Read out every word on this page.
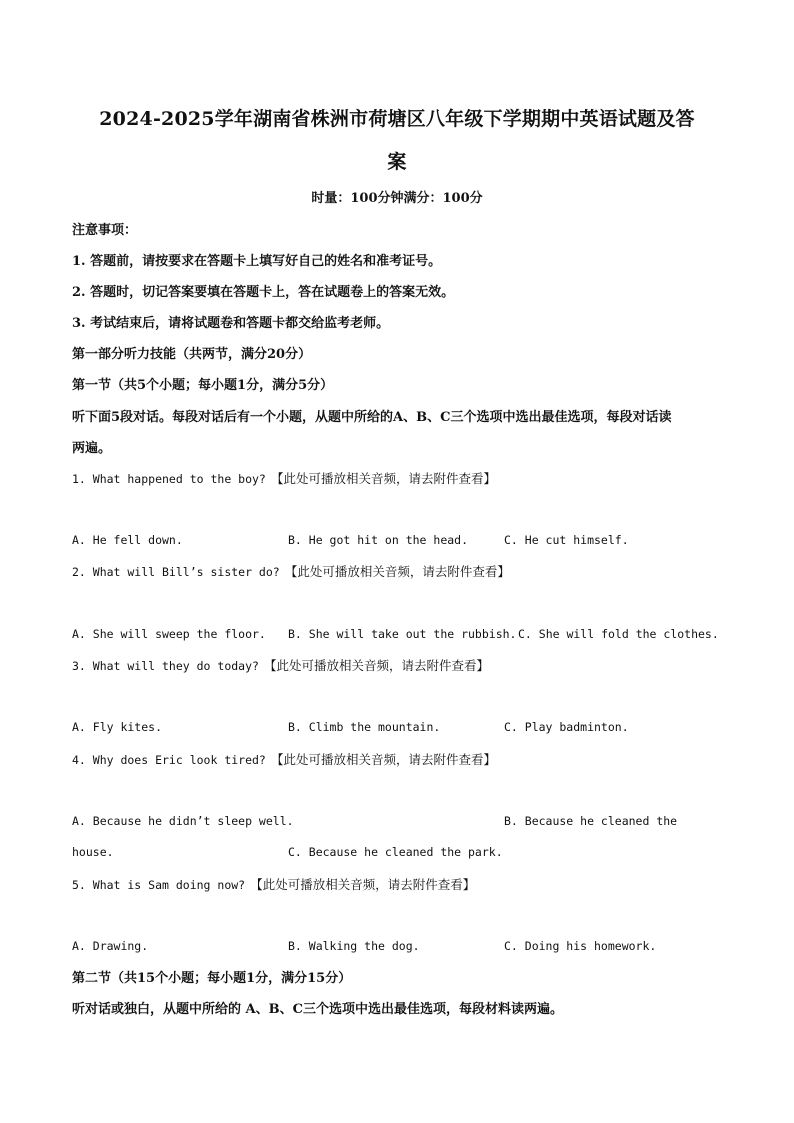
2024-2025学年湖南省株洲市荷塘区八年级下学期期中英语试题及答
案
时量：100分钟满分：100分
注意事项：
1. 答题前，请按要求在答题卡上填写好自己的姓名和准考证号。
2. 答题时，切记答案要填在答题卡上，答在试题卷上的答案无效。
3. 考试结束后，请将试题卷和答题卡都交给监考老师。
第一部分听力技能（共两节，满分20分）
第一节（共5个小题；每小题1分，满分5分）
听下面5段对话。每段对话后有一个小题，从题中所给的A、B、C三个选项中选出最佳选项，每段对话读
两遍。
1. What happened to the boy? 【此处可播放相关音频，请去附件查看】
A. He fell down.	B. He got hit on the head.	C. He cut himself.
2. What will Bill’s sister do? 【此处可播放相关音频，请去附件查看】
A. She will sweep the floor. B. She will take out the rubbish. C. She will fold the clothes.
3. What will they do today? 【此处可播放相关音频，请去附件查看】
A. Fly kites.	B. Climb the mountain.	C. Play badminton.
4. Why does Eric look tired? 【此处可播放相关音频，请去附件查看】
A. Because he didn’t sleep well.	B. Because he cleaned the
house.	C. Because he cleaned the park.
5. What is Sam doing now? 【此处可播放相关音频，请去附件查看】
A. Drawing.	B. Walking the dog.	C. Doing his homework.
第二节（共15个小题；每小题1分，满分15分）
听对话或独白，从题中所给的 A、B、C三个选项中选出最佳选项，每段材料读两遍。
